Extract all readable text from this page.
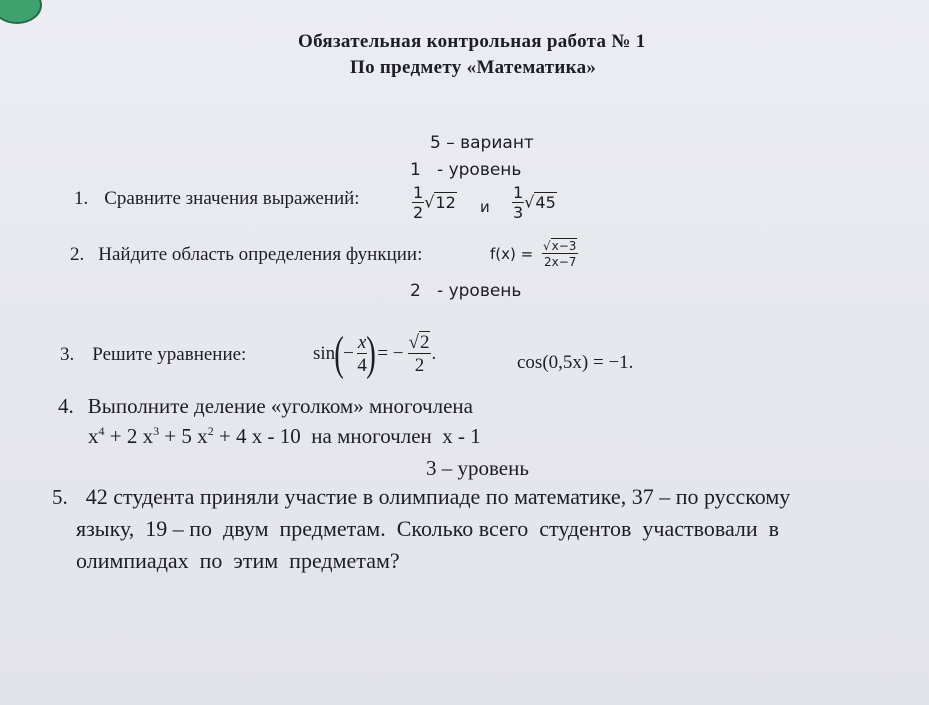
Обязательная контрольная работа № 1
По предмету «Математика»
5 – вариант
1   - уровень
1. Сравните значения выражений:	$\frac{1}{2} √12$ и $\frac{1}{3} √45$
2. Найдите область определения функции:	$f(x) = \frac{√x-3}{2x-7}$
2   - уровень
3. Решите уравнение:	sin ( − $\frac{x}{4}$ ) = − $\frac{√2}{2}$ .	cos(0,5x) = −1.
4. Выполните деление «уголком» многочлена
$x^4 + 2$ $x^3 + 5$ $x^2 + 4$ x - 10  на многочлен  x - 1
3 – уровень
5. 42 студента приняли участие в олимпиаде по математике, 37 – по русскому
языку,  19 – по  двум  предметам.  Сколько всего  студентов  участвовали  в
олимпиадах  по  этим  предметам?
